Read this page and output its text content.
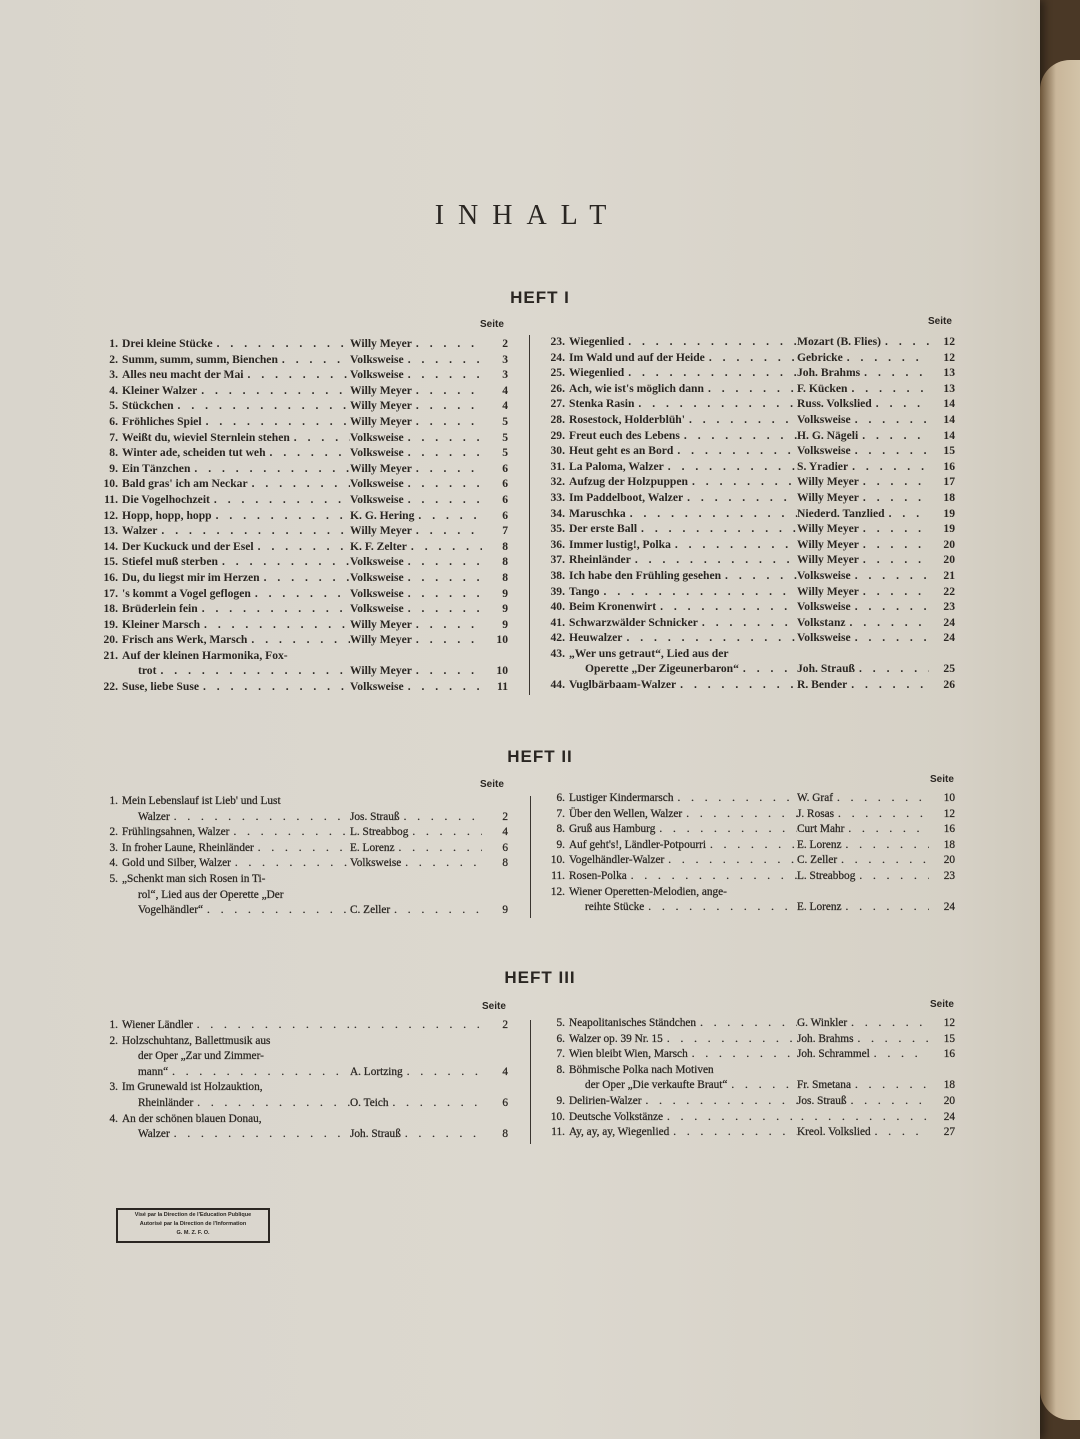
INHALT
HEFT I
Seite	Seite
1. Drei kleine Stücke . . .	Willy Meyer . . .	2
2. Summ, summ, summ, Bienchen . . .	Volksweise . . .	3
3. Alles neu macht der Mai . . .	Volksweise . . .	3
4. Kleiner Walzer . . .	Willy Meyer . . .	4
5. Stückchen . . .	Willy Meyer . . .	4
6. Fröhliches Spiel . . .	Willy Meyer . . .	5
7. Weißt du, wieviel Sternlein stehen . . .	Volksweise . . .	5
8. Winter ade, scheiden tut weh . . .	Volksweise . . .	5
9. Ein Tänzchen . . .	Willy Meyer . . .	6
10. Bald gras' ich am Neckar . . .	Volksweise . . .	6
11. Die Vogelhochzeit . . .	Volksweise . . .	6
12. Hopp, hopp, hopp . . .	K. G. Hering . . .	6
13. Walzer . . .	Willy Meyer . . .	7
14. Der Kuckuck und der Esel . . .	K. F. Zelter . . .	8
15. Stiefel muß sterben . . .	Volksweise . . .	8
16. Du, du liegst mir im Herzen . . .	Volksweise . . .	8
17. 's kommt a Vogel geflogen . . .	Volksweise . . .	9
18. Brüderlein fein . . .	Volksweise . . .	9
19. Kleiner Marsch . . .	Willy Meyer . . .	9
20. Frisch ans Werk, Marsch . . .	Willy Meyer . . .	10
21. Auf der kleinen Harmonika, Fox-
trot . . .	Willy Meyer . . .	10
22. Suse, liebe Suse . . .	Volksweise . . .	11
23. Wiegenlied . . .	Mozart (B. Flies) . . .	12
24. Im Wald und auf der Heide . . .	Gebricke . . .	12
25. Wiegenlied . . .	Joh. Brahms . . .	13
26. Ach, wie ist's möglich dann . . .	F. Kücken . . .	13
27. Stenka Rasin . . .	Russ. Volkslied . . .	14
28. Rosestock, Holderblüh' . . .	Volksweise . . .	14
29. Freut euch des Lebens . . .	H. G. Nägeli . . .	14
30. Heut geht es an Bord . . .	Volksweise . . .	15
31. La Paloma, Walzer . . .	S. Yradier . . .	16
32. Aufzug der Holzpuppen . . .	Willy Meyer . . .	17
33. Im Paddelboot, Walzer . . .	Willy Meyer . . .	18
34. Maruschka . . .	Niederd. Tanzlied . . .	19
35. Der erste Ball . . .	Willy Meyer . . .	19
36. Immer lustig!, Polka . . .	Willy Meyer . . .	20
37. Rheinländer . . .	Willy Meyer . . .	20
38. Ich habe den Frühling gesehen . . .	Volksweise . . .	21
39. Tango . . .	Willy Meyer . . .	22
40. Beim Kronenwirt . . .	Volksweise . . .	23
41. Schwarzwälder Schnicker . . .	Volkstanz . . .	24
42. Heuwalzer . . .	Volksweise . . .	24
43. „Wer uns getraut“, Lied aus der
Operette „Der Zigeunerbaron“ . . .	Joh. Strauß . . .	25
44. Vuglbärbaam-Walzer . . .	R. Bender . . .	26
HEFT II
Seite	Seite
1. Mein Lebenslauf ist Lieb' und Lust
Walzer . . .	Jos. Strauß . . .	2
2. Frühlingsahnen, Walzer . . .	L. Streabbog . . .	4
3. In froher Laune, Rheinländer . . .	E. Lorenz . . .	6
4. Gold und Silber, Walzer . . .	Volksweise . . .	8
5. „Schenkt man sich Rosen in Ti-
rol“, Lied aus der Operette „Der
Vogelhändler“ . . .	C. Zeller . . .	9
6. Lustiger Kindermarsch . . .	W. Graf . . .	10
7. Über den Wellen, Walzer . . .	J. Rosas . . .	12
8. Gruß aus Hamburg . . .	Curt Mahr . . .	16
9. Auf geht's!, Ländler-Potpourri . . .	E. Lorenz . . .	18
10. Vogelhändler-Walzer . . .	C. Zeller . . .	20
11. Rosen-Polka . . .	L. Streabbog . . .	23
12. Wiener Operetten-Melodien, ange-
reihte Stücke . . .	E. Lorenz . . .	24
HEFT III
Seite	Seite
1. Wiener Ländler . . . . . .	2
2. Holzschuhtanz, Ballettmusik aus
der Oper „Zar und Zimmer-
mann“ . . .	A. Lortzing . . .	4
3. Im Grunewald ist Holzauktion,
Rheinländer . . .	O. Teich . . .	6
4. An der schönen blauen Donau,
Walzer . . .	Joh. Strauß . . .	8
5. Neapolitanisches Ständchen . . .	G. Winkler . . .	12
6. Walzer op. 39 Nr. 15 . . .	Joh. Brahms . . .	15
7. Wien bleibt Wien, Marsch . . .	Joh. Schrammel . . .	16
8. Böhmische Polka nach Motiven
der Oper „Die verkaufte Braut“ . . .	Fr. Smetana . . .	18
9. Delirien-Walzer . . .	Jos. Strauß . . .	20
10. Deutsche Volkstänze . . . . . .	24
11. Ay, ay, ay, Wiegenlied . . .	Kreol. Volkslied . . .	27
Visé par la Direction de l'Education Publique
Autorisé par la Direction de l'Information
G. M. Z. F. O.
